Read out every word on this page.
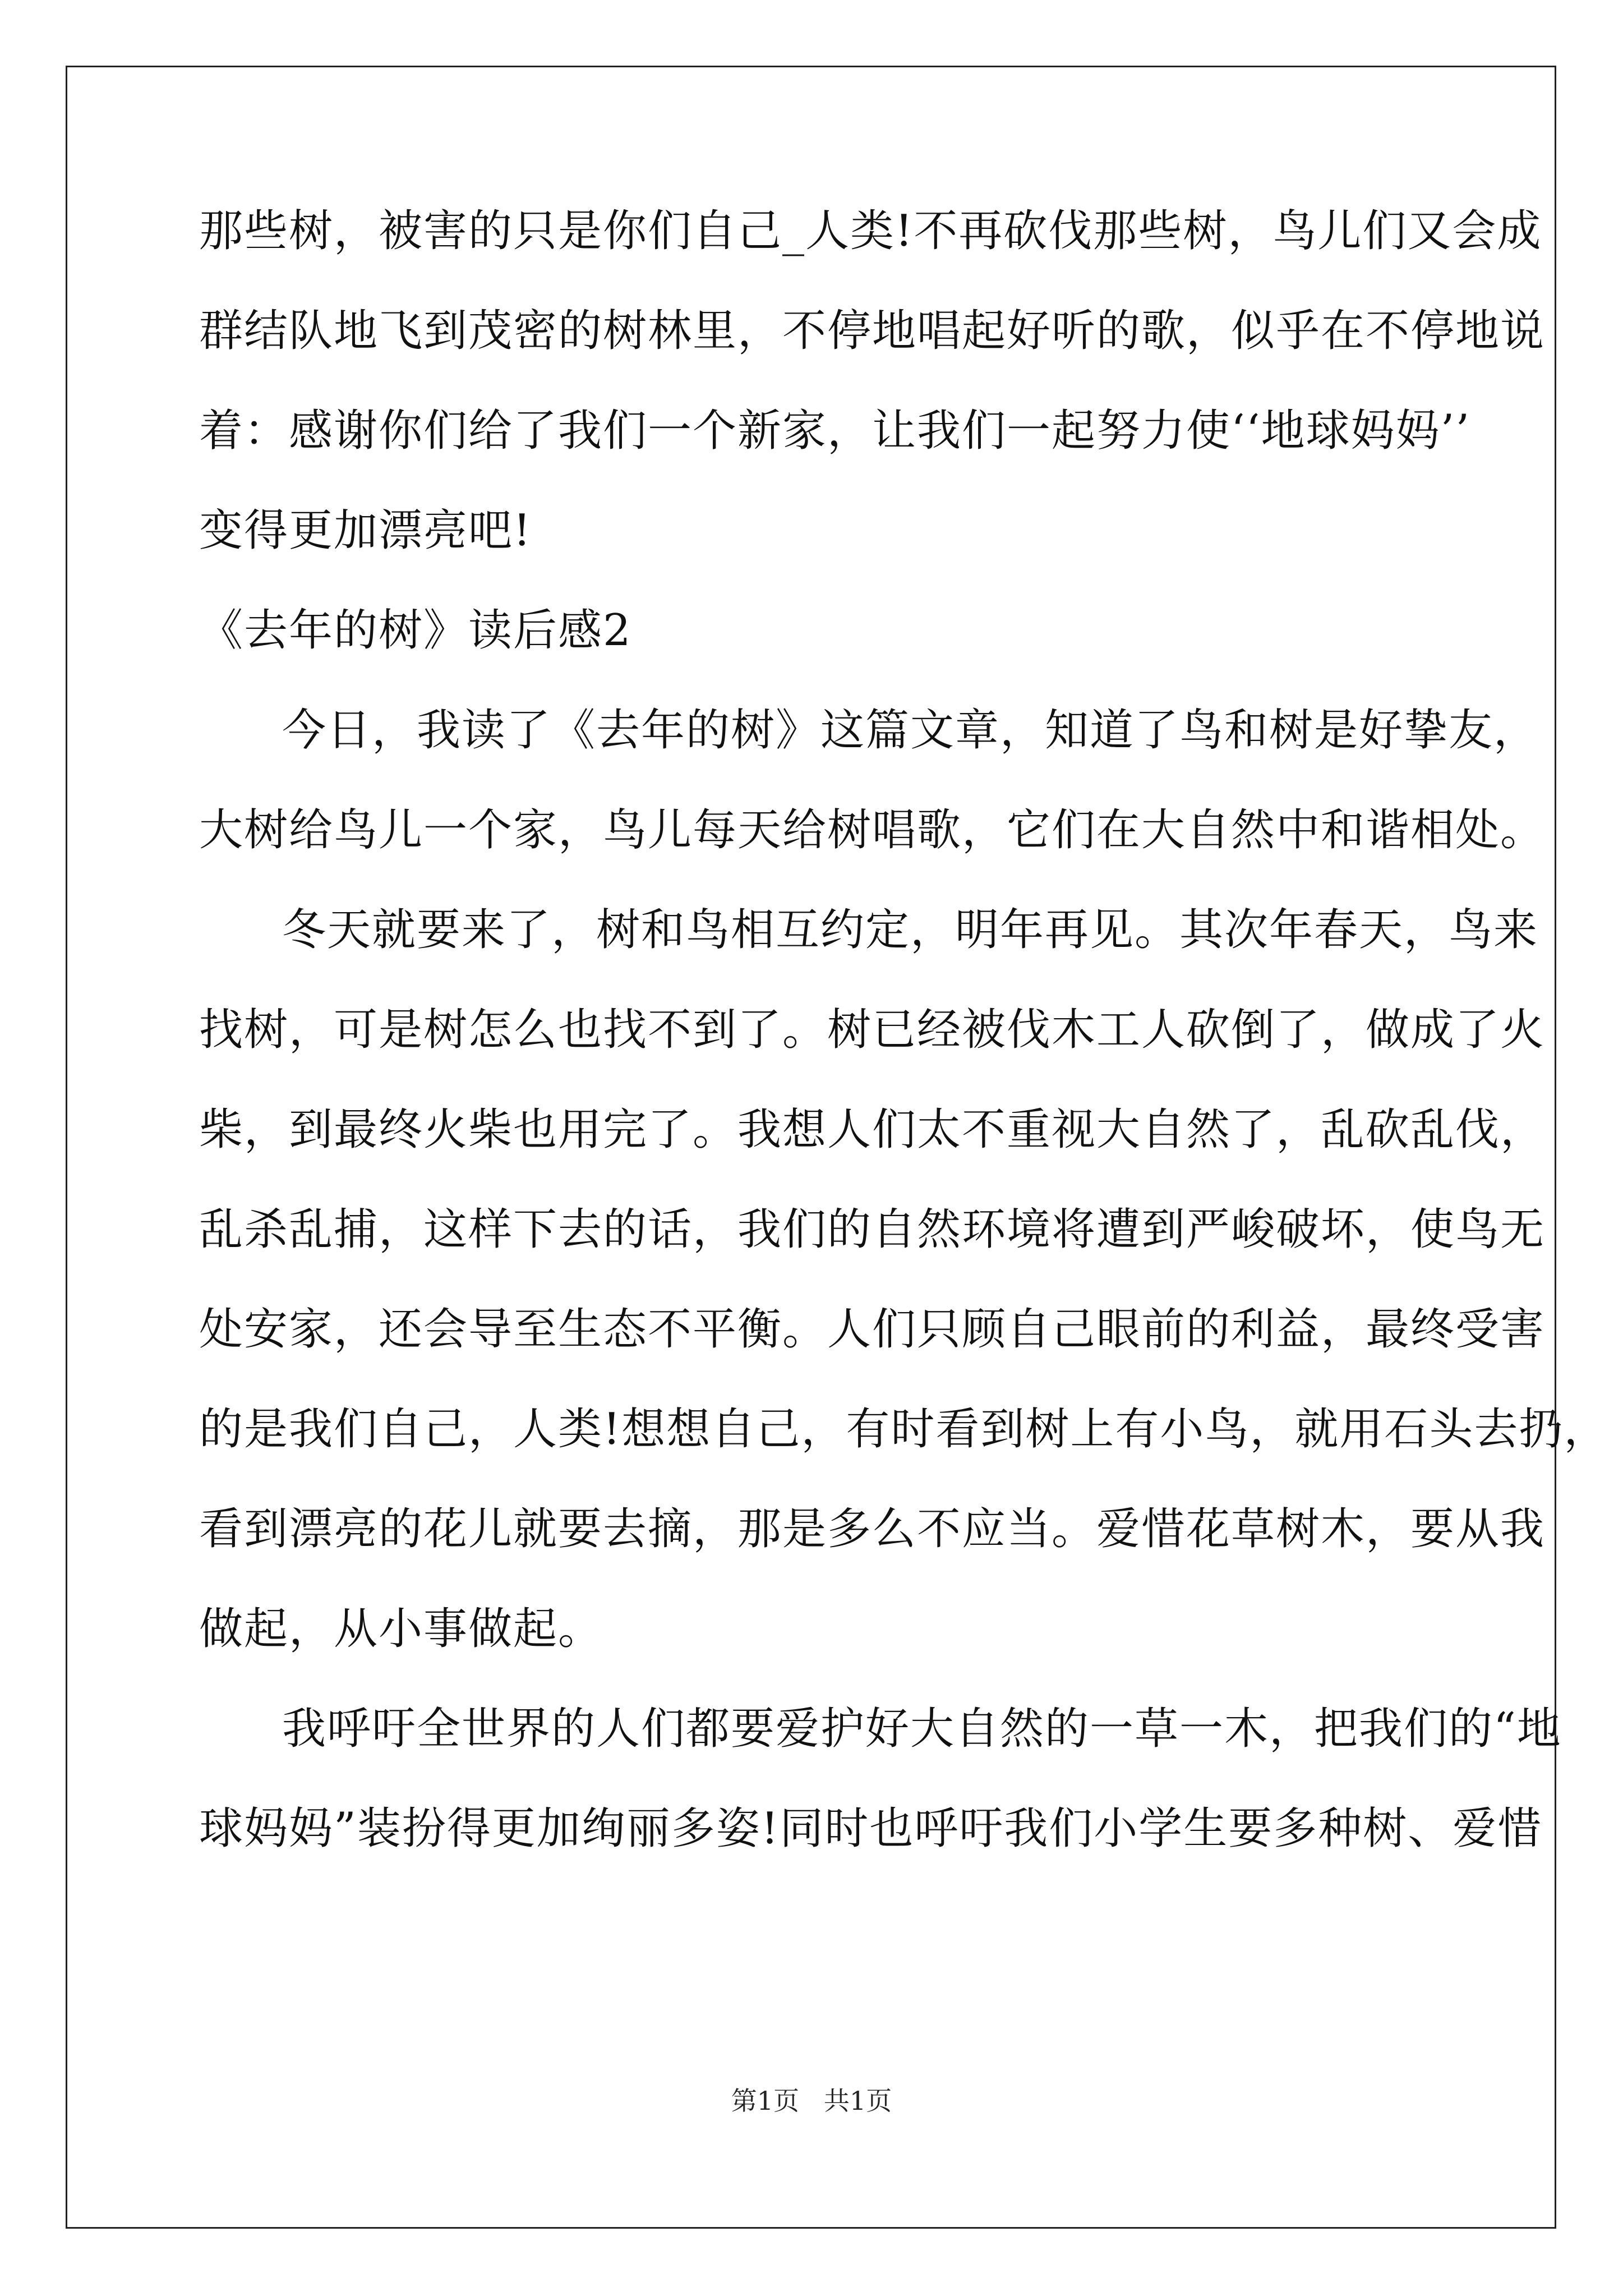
那些树，被害的只是你们自己_人类!不再砍伐那些树，鸟儿们又会成
群结队地飞到茂密的树林里，不停地唱起好听的歌，似乎在不停地说
着：感谢你们给了我们一个新家，让我们一起努力使‘‘地球妈妈’’
变得更加漂亮吧!
《去年的树》读后感2
今日，我读了《去年的树》这篇文章，知道了鸟和树是好挚友，
大树给鸟儿一个家，鸟儿每天给树唱歌，它们在大自然中和谐相处。
冬天就要来了，树和鸟相互约定，明年再见。其次年春天，鸟来
找树，可是树怎么也找不到了。树已经被伐木工人砍倒了，做成了火
柴，到最终火柴也用完了。我想人们太不重视大自然了，乱砍乱伐，
乱杀乱捕，这样下去的话，我们的自然环境将遭到严峻破坏，使鸟无
处安家，还会导至生态不平衡。人们只顾自己眼前的利益，最终受害
的是我们自己，人类!想想自己，有时看到树上有小鸟，就用石头去扔，
看到漂亮的花儿就要去摘，那是多么不应当。爱惜花草树木，要从我
做起，从小事做起。
我呼吁全世界的人们都要爱护好大自然的一草一木，把我们的“地
球妈妈”装扮得更加绚丽多姿!同时也呼吁我们小学生要多种树、爱惜
第1页   共1页
